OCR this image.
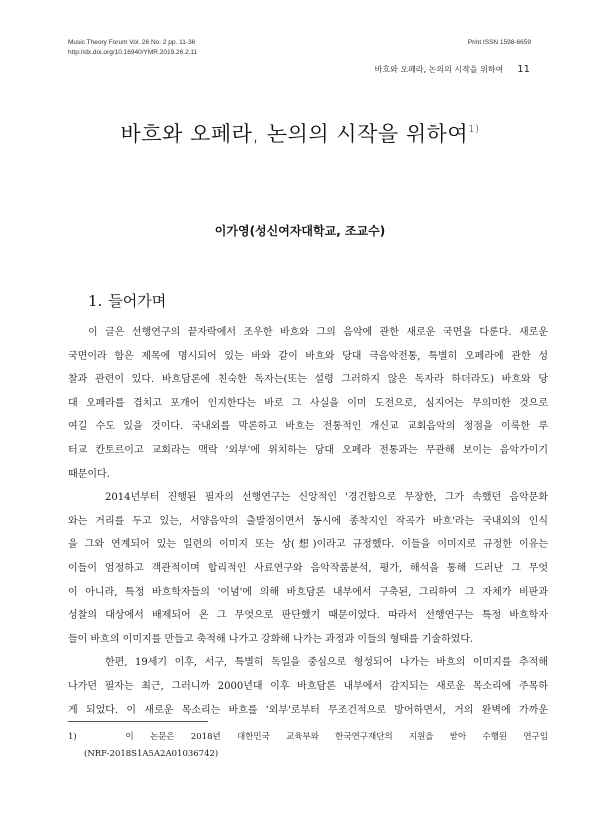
Music Theory Forum Vol. 26 No. 2 pp. 11-36
http://dx.doi.org/10.16940/YMR.2019.26.2.11
Print ISSN 1598-6659
바흐와 오페라, 논의의 시작을 위하여 11
바흐와 오페라, 논의의 시작을 위하여$^{1)}$
이가영(성신여자대학교, 조교수)
1. 들어가며
이 글은 선행연구의 끝자락에서 조우한 바흐와 그의 음악에 관한 새로운 국면을 다룬다. 새로운
국면이라 함은 제목에 명시되어 있는 바와 같이 바흐와 당대 극음악전통, 특별히 오페라에 관한 성
찰과 관련이 있다. 바흐담론에 친숙한 독자는(또는 설령 그러하지 않은 독자라 하더라도) 바흐와 당
대 오페라를 겹치고 포개어 인지한다는 바로 그 사실을 이미 도전으로, 심지어는 무의미한 것으로
여길 수도 있을 것이다. 국내외를 막론하고 바흐는 전통적인 개신교 교회음악의 정점을 이룩한 루
터교 칸토르이고 교회라는 맥락 '외부'에 위치하는 당대 오페라 전통과는 무관해 보이는 음악가이기
때문이다.
2014년부터 진행된 필자의 선행연구는 신앙적인 '경건함으로 무장한, 그가 속했던 음악문화
와는 거리를 두고 있는, 서양음악의 출발점이면서 동시에 종착지인 작곡가 바흐'라는 국내외의 인식
을 그와 연계되어 있는 일련의 이미지 또는 상(想)이라고 규정했다. 이들을 이미지로 규정한 이유는
이들이 엄정하고 객관적이며 합리적인 사료연구와 음악작품분석, 평가, 해석을 통해 드러난 그 무엇
이 아니라, 특정 바흐학자들의 '이념'에 의해 바흐담론 내부에서 구축된, 그리하여 그 자체가 비판과
성찰의 대상에서 배제되어 온 그 무엇으로 판단했기 때문이었다. 따라서 선행연구는 특정 바흐학자
들이 바흐의 이미지를 만들고 축적해 나가고 강화해 나가는 과정과 이들의 형태를 기술하였다.
한편, 19세기 이후, 서구, 특별히 독일을 중심으로 형성되어 나가는 바흐의 이미지를 추적해
나가던 필자는 최근, 그러니까 2000년대 이후 바흐담론 내부에서 감지되는 새로운 목소리에 주목하
게 되었다. 이 새로운 목소리는 바흐를 '외부'로부터 무조건적으로 방어하면서, 거의 완벽에 가까운
1)	이 논문은 2018년 대한민국 교육부와 한국연구재단의 지원을 받아 수행된 연구임
(NRF-2018S1A5A2A01036742)
